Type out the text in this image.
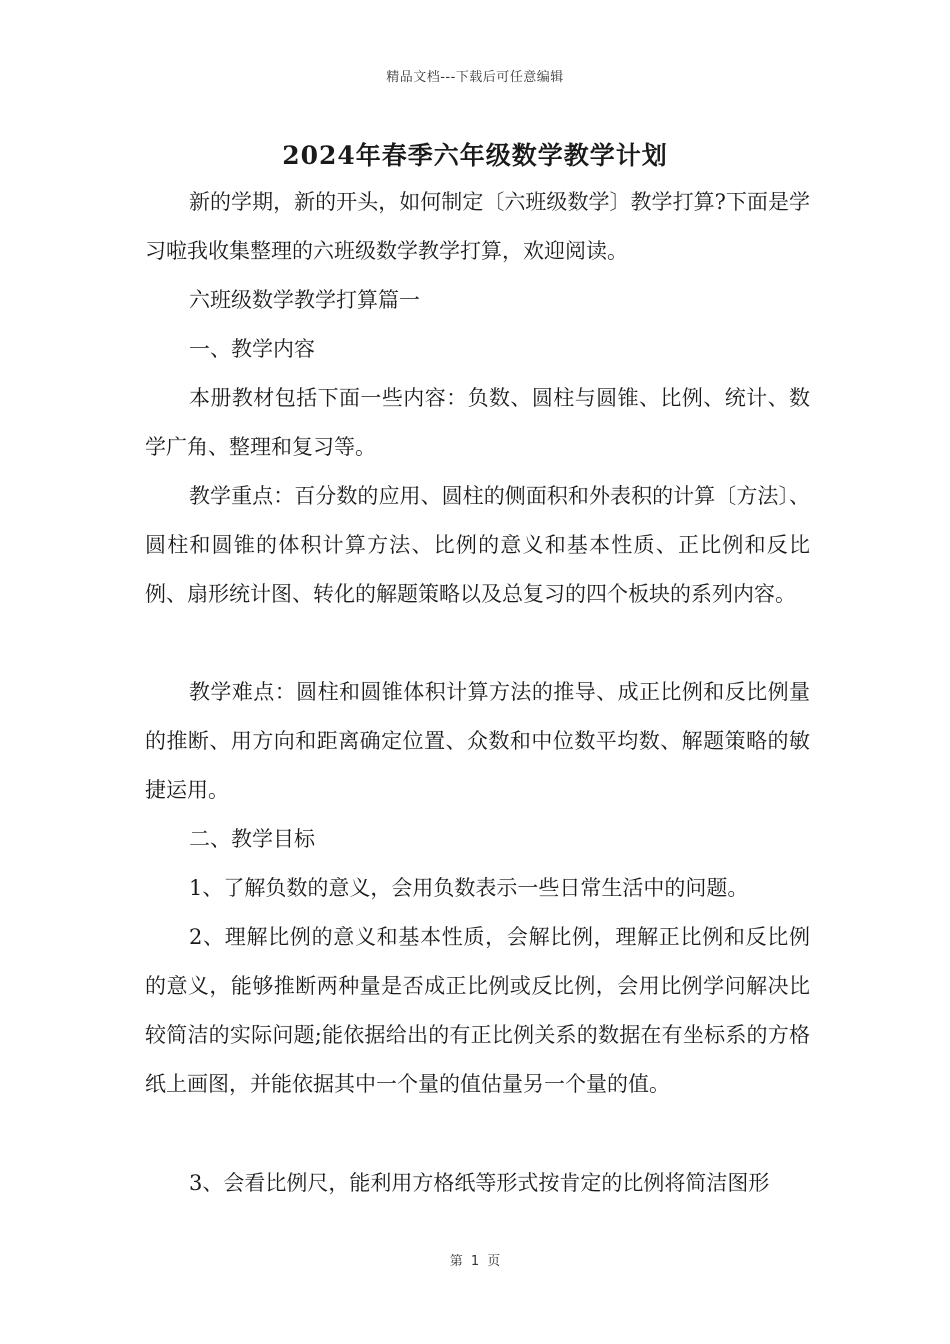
精品文档---下载后可任意编辑
2024年春季六年级数学教学计划

新的学期，新的开头，如何制定〔六班级数学〕教学打算?下面是学习啦我收集整理的六班级数学教学打算，欢迎阅读。

六班级数学教学打算篇一

一、教学内容

本册教材包括下面一些内容：负数、圆柱与圆锥、比例、统计、数学广角、整理和复习等。

教学重点：百分数的应用、圆柱的侧面积和外表积的计算〔方法〕、圆柱和圆锥的体积计算方法、比例的意义和基本性质、正比例和反比例、扇形统计图、转化的解题策略以及总复习的四个板块的系列内容。

教学难点：圆柱和圆锥体积计算方法的推导、成正比例和反比例量的推断、用方向和距离确定位置、众数和中位数平均数、解题策略的敏捷运用。

二、教学目标

1、了解负数的意义，会用负数表示一些日常生活中的问题。

2、理解比例的意义和基本性质，会解比例，理解正比例和反比例的意义，能够推断两种量是否成正比例或反比例，会用比例学问解决比较简洁的实际问题;能依据给出的有正比例关系的数据在有坐标系的方格纸上画图，并能依据其中一个量的值估量另一个量的值。

3、会看比例尺，能利用方格纸等形式按肯定的比例将简洁图形

第 1 页
